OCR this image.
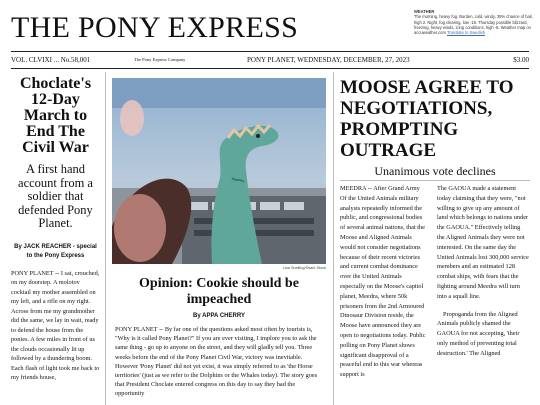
THE PONY EXPRESS	WEATHER
The morning, heavy fog. Burden, cold, windy, 35% chance of hail, high 2. Night, fog clearing, low -18. Thursday possible blizzard, freezing, heavy winds, icing conditions, high -8. Weather map on accuweather.com Translate to Swedish
VOL. CLVIXI ... No.58,001	The Pony Express Company	PONY PLANET, WEDNESDAY, DECEMBER, 27, 2023	$3.00
Choclate's 12-Day March to End The Civil War

A first hand account from a soldier that defended Pony Planet.

By JACK REACHER - special to the Pony Express
PONY PLANET -- I sat, crouched, on my doorstep. A molotov cocktail my mother assembled on my left, and a rifle on my right. Across from me my grandmother did the same, we lay in wait, ready to defend the house from the ponies. A few miles in front of us the clouds occasionally lit up followed by a thundering boom. Each flash of light took me back to my friends house,
Lisa Snelling/Shark Stock
Opinion: Cookie should be impeached
By APPA CHERRY
PONY PLANET -- By far one of the questions asked most often by tourists is, "Why is it called Pony Planet?" If you are ever visiting, I implore you to ask the same thing - go up to anyone on the street, and they will gladly tell you. Three weeks before the end of the Pony Planet Civil War, victory was inevitable. However 'Pony Planet' did not yet exist, it was simply referred to as 'the Horse territories' (just as we refer to the Dolphins or the Whales today). The story goes that President Choclate entered congress on this day to say they had the opportunity
MOOSE AGREE TO NEGOTIATIONS, PROMPTING OUTRAGE
Unanimous vote declines
MEEDRA -- After Grand Army Of the United Animals military analysts repeatedly informed the public, and congressional bodies of several animal nations, that the Moose and Aligned Animals would not consider negotiations because of their recent victories and current combat dominance over the United Animals especially on the Moose's capitol planet, Meedra, where 50k prisoners from the 2nd Armoured Dinosaur Division reside, the Moose have announced they are open to negotiations today. Public polling on Pony Planet shows significant disapproval of a peaceful end to this war whereas support is

The GAOUA made a statement today claiming that they were, "not willing to give up any amount of land which belongs to nations under the GAOUA." Effectively telling the Aligned Animals they were not interested. On the same day the United Animals lost 300,000 service members and an estimated 128 combat ships, with fears that the fighting around Meedra will turn into a squall line.

Propoganda from the Aligned Animals publicly shamed the GAOUA for not accepting, 'their only method of preventing total destruction.' The Aligned
